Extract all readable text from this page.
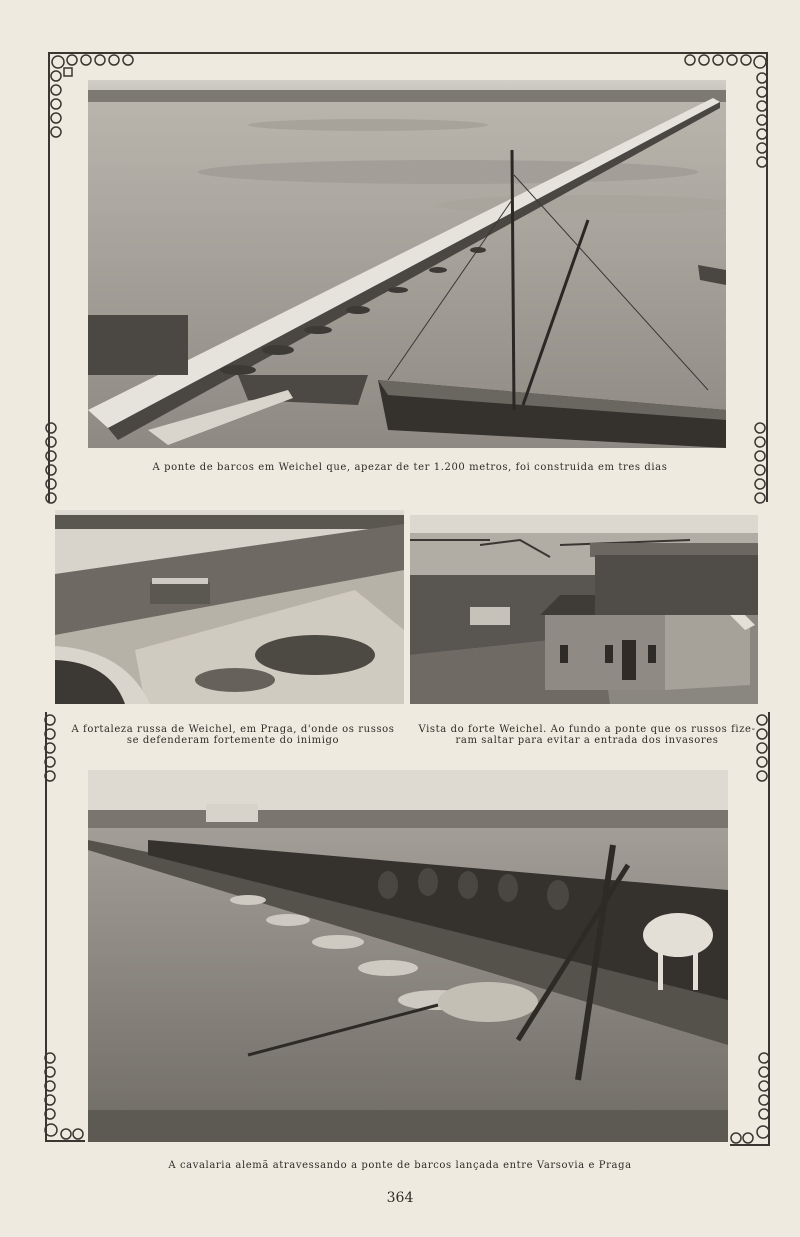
A ponte de barcos em Weichel que, apezar de ter 1.200 metros, foi construida em tres dias
A fortaleza russa de Weichel, em Praga, d'onde os russos
se defenderam fortemente do inimigo
Vista do forte Weichel. Ao fundo a ponte que os russos fize-
ram saltar para evitar a entrada dos invasores
A cavalaria alemã atravessando a ponte de barcos lançada entre Varsovia e Praga
364
